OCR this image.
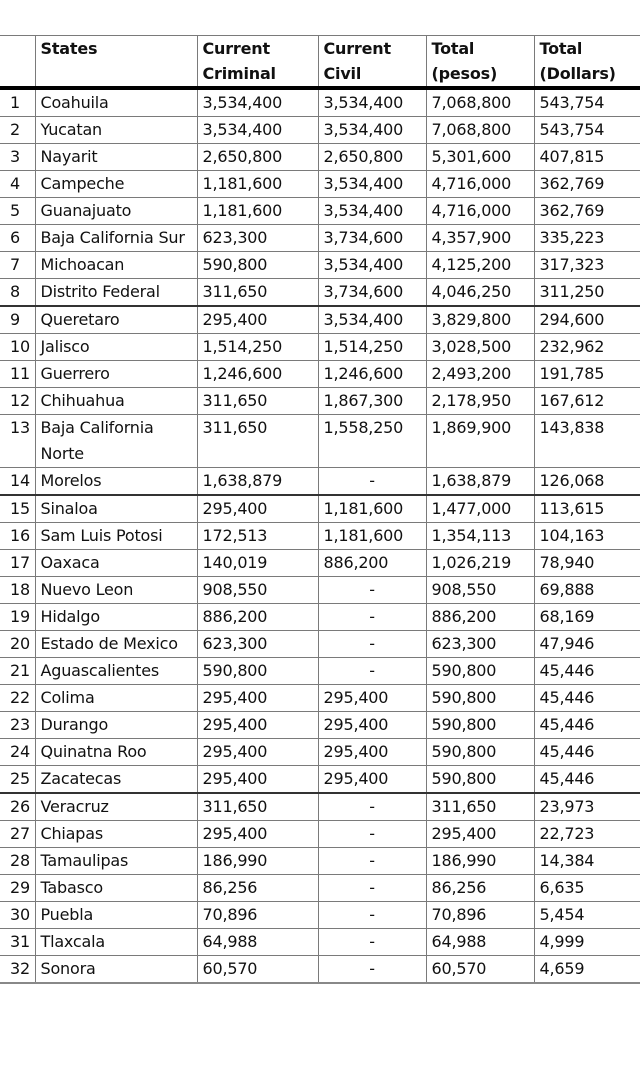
	States	Current Criminal	Current Civil	Total (pesos)	Total (Dollars)
1	Coahuila	3,534,400	3,534,400	7,068,800	543,754
2	Yucatan	3,534,400	3,534,400	7,068,800	543,754
3	Nayarit	2,650,800	2,650,800	5,301,600	407,815
4	Campeche	1,181,600	3,534,400	4,716,000	362,769
5	Guanajuato	1,181,600	3,534,400	4,716,000	362,769
6	Baja California Sur	623,300	3,734,600	4,357,900	335,223
7	Michoacan	590,800	3,534,400	4,125,200	317,323
8	Distrito Federal	311,650	3,734,600	4,046,250	311,250
9	Queretaro	295,400	3,534,400	3,829,800	294,600
10	Jalisco	1,514,250	1,514,250	3,028,500	232,962
11	Guerrero	1,246,600	1,246,600	2,493,200	191,785
12	Chihuahua	311,650	1,867,300	2,178,950	167,612
13	Baja California Norte	311,650	1,558,250	1,869,900	143,838
14	Morelos	1,638,879	-	1,638,879	126,068
15	Sinaloa	295,400	1,181,600	1,477,000	113,615
16	Sam Luis Potosi	172,513	1,181,600	1,354,113	104,163
17	Oaxaca	140,019	886,200	1,026,219	78,940
18	Nuevo Leon	908,550	-	908,550	69,888
19	Hidalgo	886,200	-	886,200	68,169
20	Estado de Mexico	623,300	-	623,300	47,946
21	Aguascalientes	590,800	-	590,800	45,446
22	Colima	295,400	295,400	590,800	45,446
23	Durango	295,400	295,400	590,800	45,446
24	Quinatna Roo	295,400	295,400	590,800	45,446
25	Zacatecas	295,400	295,400	590,800	45,446
26	Veracruz	311,650	-	311,650	23,973
27	Chiapas	295,400	-	295,400	22,723
28	Tamaulipas	186,990	-	186,990	14,384
29	Tabasco	86,256	-	86,256	6,635
30	Puebla	70,896	-	70,896	5,454
31	Tlaxcala	64,988	-	64,988	4,999
32	Sonora	60,570	-	60,570	4,659
